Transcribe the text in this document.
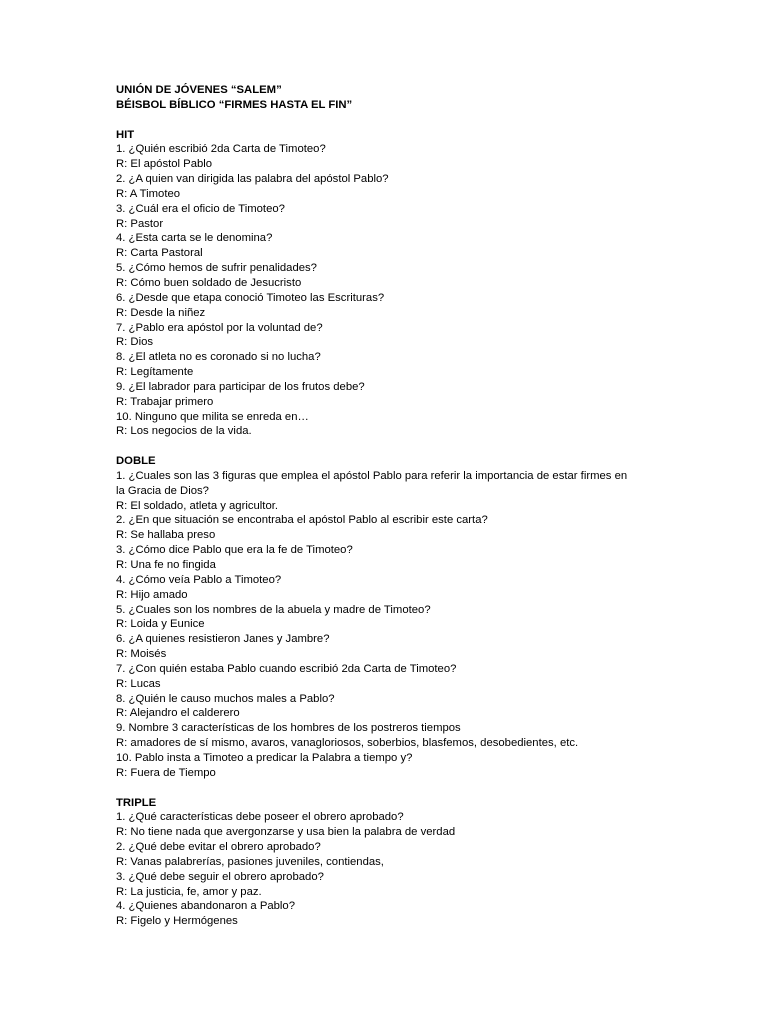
UNIÓN DE JÓVENES “SALEM”
BÉISBOL BÍBLICO “FIRMES HASTA EL FIN”
HIT
1. ¿Quién escribió 2da Carta de Timoteo?
R: El apóstol Pablo
2. ¿A quien van dirigida las palabra del apóstol Pablo?
R: A Timoteo
3. ¿Cuál era el oficio de Timoteo?
R: Pastor
4. ¿Esta carta se le denomina?
R: Carta Pastoral
5. ¿Cómo hemos de sufrir penalidades?
R: Cómo buen soldado de Jesucristo
6. ¿Desde que etapa conoció Timoteo las Escrituras?
R: Desde la niñez
7. ¿Pablo era apóstol por la voluntad de?
R: Dios
8. ¿El atleta no es coronado si no lucha?
R: Legítamente
9. ¿El labrador para participar de los frutos debe?
R: Trabajar primero
10. Ninguno que milita se enreda en…
R: Los negocios de la vida.
DOBLE
1. ¿Cuales son las 3 figuras que emplea el apóstol Pablo para referir la importancia de estar firmes en
la Gracia de Dios?
R: El soldado, atleta y agricultor.
2. ¿En que situación se encontraba el apóstol Pablo al escribir este carta?
R: Se hallaba preso
3. ¿Cómo dice Pablo que era la fe de Timoteo?
R: Una fe no fingida
4. ¿Cómo veía Pablo a Timoteo?
R: Hijo amado
5. ¿Cuales son los nombres de la abuela y madre de Timoteo?
R: Loida y Eunice
6. ¿A quienes resistieron Janes y Jambre?
R: Moisés
7. ¿Con quién estaba Pablo cuando escribió 2da Carta de Timoteo?
R: Lucas
8. ¿Quién le causo muchos males a Pablo?
R: Alejandro el calderero
9. Nombre 3 características de los hombres de los postreros tiempos
R: amadores de sí mismo, avaros, vanagloriosos, soberbios, blasfemos, desobedientes, etc.
10. Pablo insta a Timoteo a predicar la Palabra a tiempo y?
R: Fuera de Tiempo
TRIPLE
1. ¿Qué características debe poseer el obrero aprobado?
R: No tiene nada que avergonzarse y usa bien la palabra de verdad
2. ¿Qué debe evitar el obrero aprobado?
R: Vanas palabrerías, pasiones juveniles, contiendas,
3. ¿Qué debe seguir el obrero aprobado?
R: La justicia, fe, amor y paz.
4. ¿Quienes abandonaron a Pablo?
R: Figelo y Hermógenes
